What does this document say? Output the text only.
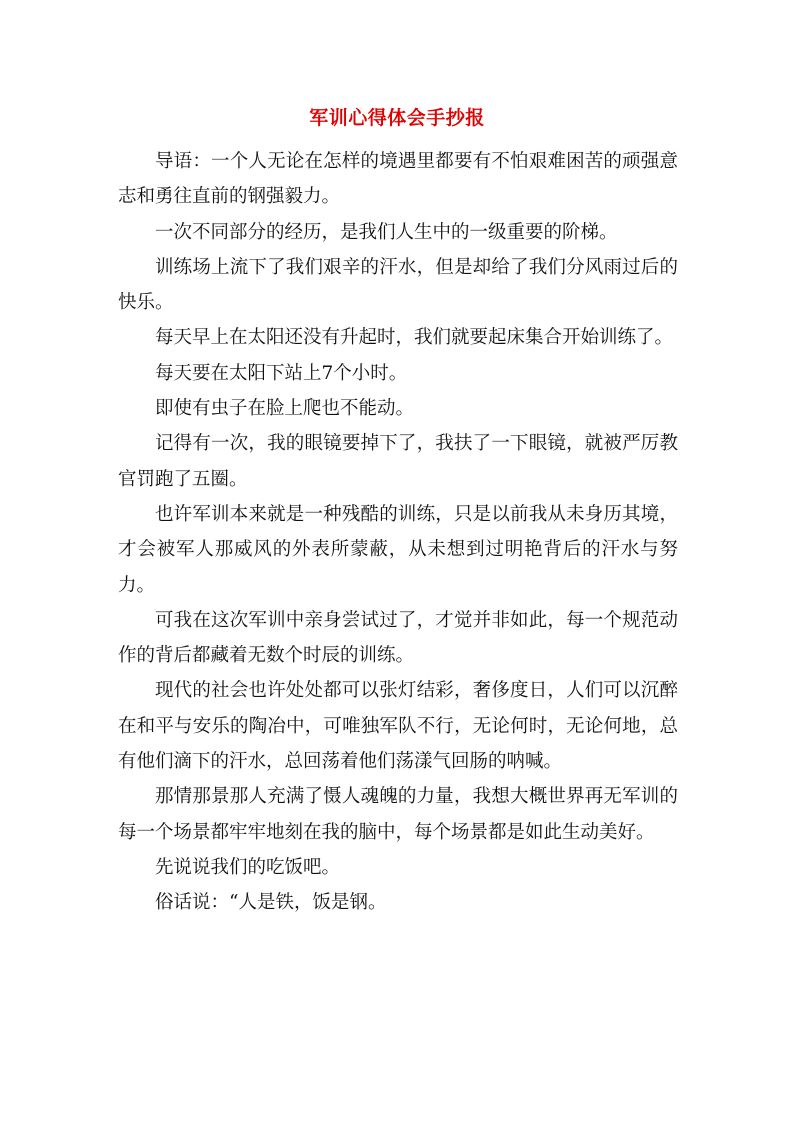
军训心得体会手抄报

导语：一个人无论在怎样的境遇里都要有不怕艰难困苦的顽强意志和勇往直前的钢强毅力。

一次不同部分的经历，是我们人生中的一级重要的阶梯。

训练场上流下了我们艰辛的汗水，但是却给了我们分风雨过后的快乐。

每天早上在太阳还没有升起时，我们就要起床集合开始训练了。

每天要在太阳下站上7个小时。

即使有虫子在脸上爬也不能动。

记得有一次，我的眼镜要掉下了，我扶了一下眼镜，就被严厉教官罚跑了五圈。

也许军训本来就是一种残酷的训练，只是以前我从未身历其境，才会被军人那威风的外表所蒙蔽，从未想到过明艳背后的汗水与努力。

可我在这次军训中亲身尝试过了，才觉并非如此，每一个规范动作的背后都藏着无数个时辰的训练。

现代的社会也许处处都可以张灯结彩，奢侈度日，人们可以沉醉在和平与安乐的陶冶中，可唯独军队不行，无论何时，无论何地，总有他们滴下的汗水，总回荡着他们荡漾气回肠的呐喊。

那情那景那人充满了慑人魂魄的力量，我想大概世界再无军训的每一个场景都牢牢地刻在我的脑中，每个场景都是如此生动美好。

先说说我们的吃饭吧。

俗话说：“人是铁，饭是钢。
